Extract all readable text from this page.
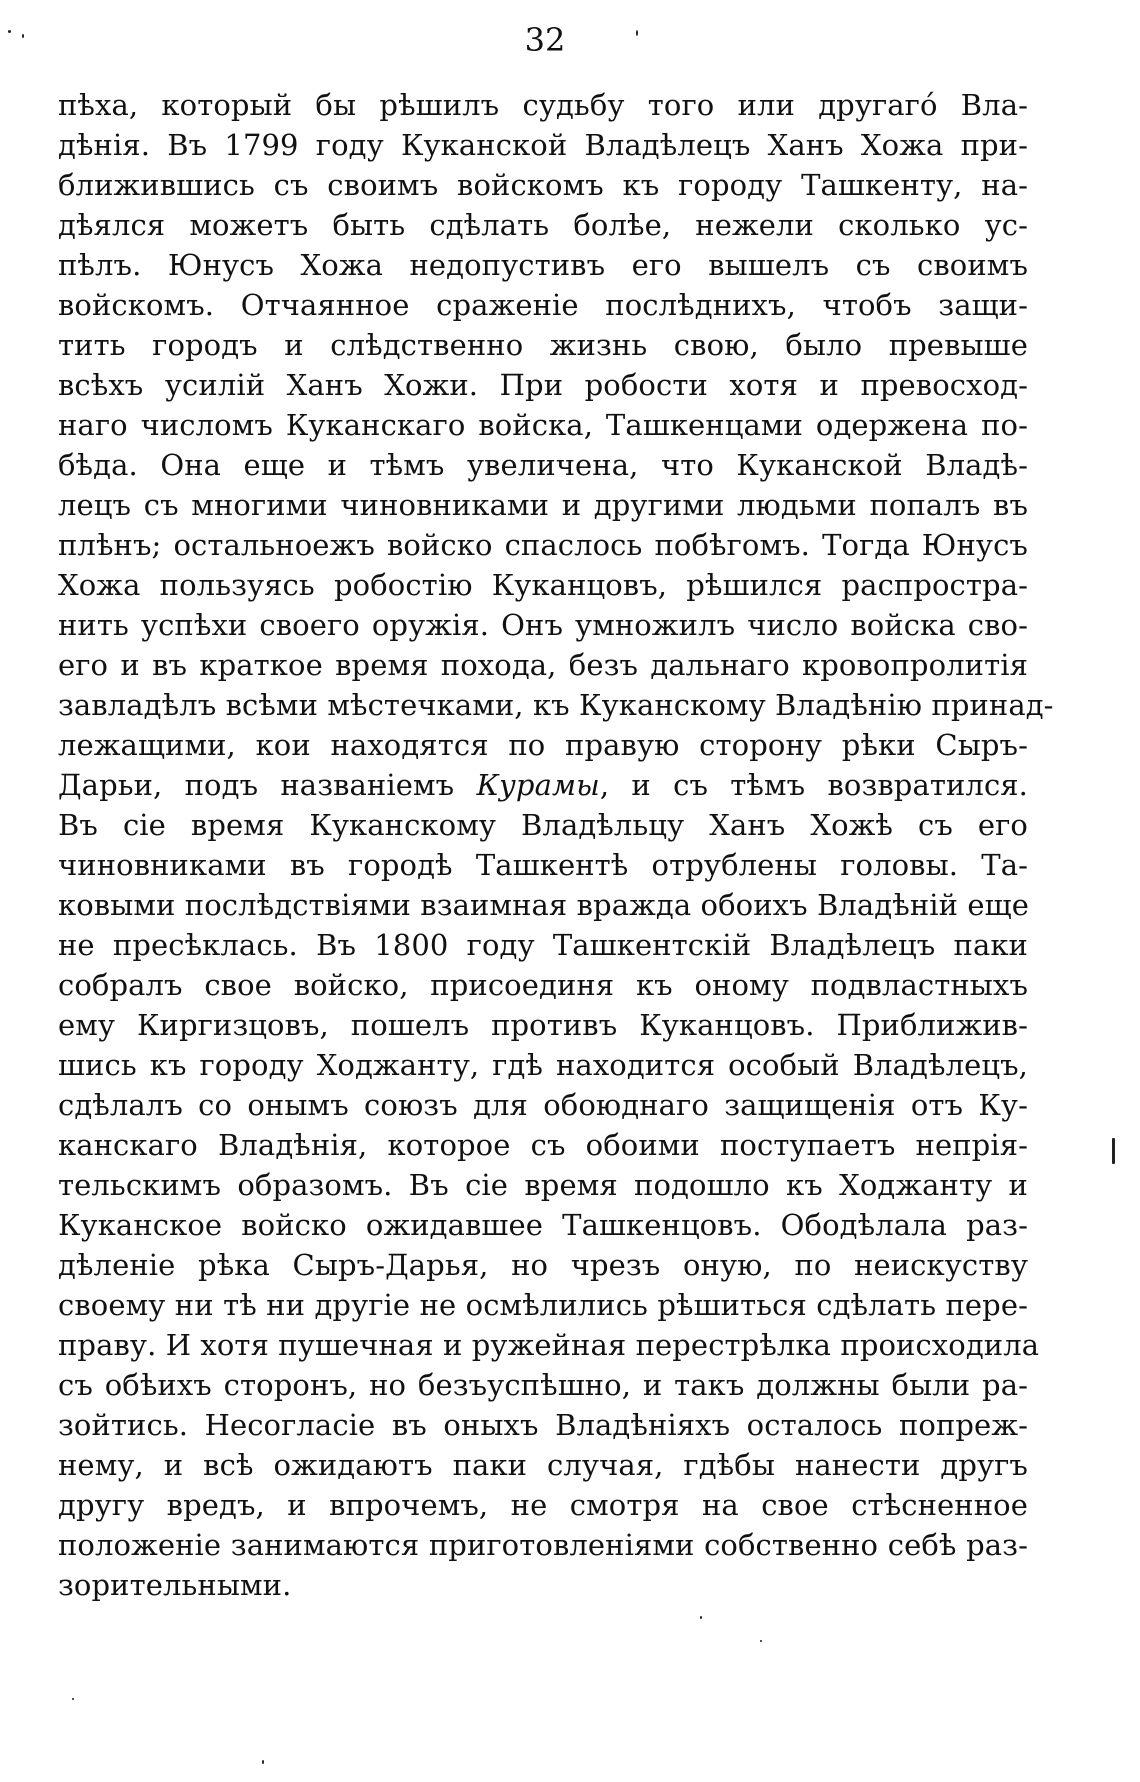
32
пѣха, который бы рѣшилъ судьбу того или другагó Вла-
дѣнія. Въ 1799 году Куканской Владѣлецъ Ханъ Хожа при-
ближившись съ своимъ войскомъ къ городу Ташкенту, на-
дѣялся можетъ быть сдѣлать болѣе, нежели сколько ус-
пѣлъ. Юнусъ Хожа недопустивъ его вышелъ съ своимъ
войскомъ. Отчаянное сраженіе послѣднихъ, чтобъ защи-
тить городъ и слѣдственно жизнь свою, было превыше
всѣхъ усилій Ханъ Хожи. При робости хотя и превосход-
наго числомъ Куканскаго войска, Ташкенцами одержена по-
бѣда. Она еще и тѣмъ увеличена, что Куканской Владѣ-
лецъ съ многими чиновниками и другими людьми попалъ въ
плѣнъ; остальноежъ войско спаслось побѣгомъ. Тогда Юнусъ
Хожа пользуясь робостію Куканцовъ, рѣшился распростра-
нить успѣхи своего оружія. Онъ умножилъ число войска сво-
его и въ краткое время похода, безъ дальнаго кровопролитія
завладѣлъ всѣми мѣстечками, къ Куканскому Владѣнію принад-
лежащими, кои находятся по правую сторону рѣки Сыръ-
Дарьи, подъ названіемъ Курамы, и съ тѣмъ возвратился.
Въ сіе время Куканскому Владѣльцу Ханъ Хожѣ съ его
чиновниками въ городѣ Ташкентѣ отрублены головы. Та-
ковыми послѣдствіями взаимная вражда обоихъ Владѣній еще
не пресѣклась. Въ 1800 году Ташкентскій Владѣлецъ паки
собралъ свое войско, присоединя къ оному подвластныхъ
ему Киргизцовъ, пошелъ противъ Куканцовъ. Приближив-
шись къ городу Ходжанту, гдѣ находится особый Владѣлецъ,
сдѣлалъ со онымъ союзъ для обоюднаго защищенія отъ Ку-
канскаго Владѣнія, которое съ обоими поступаетъ непрія-
тельскимъ образомъ. Въ сіе время подошло къ Ходжанту и
Куканское войско ожидавшее Ташкенцовъ. Ободѣлала раз-
дѣленіе рѣка Сыръ-Дарья, но чрезъ оную, по неискуству
своему ни тѣ ни другіе не осмѣлились рѣшиться сдѣлать пере-
праву. И хотя пушечная и ружейная перестрѣлка происходила
съ обѣихъ сторонъ, но безъуспѣшно, и такъ должны были ра-
зойтись. Несогласіе въ оныхъ Владѣніяхъ осталось попреж-
нему, и всѣ ожидаютъ паки случая, гдѣбы нанести другъ
другу вредъ, и впрочемъ, не смотря на свое стѣсненное
положеніе занимаются приготовленіями собственно себѣ раз-
зорительными.
